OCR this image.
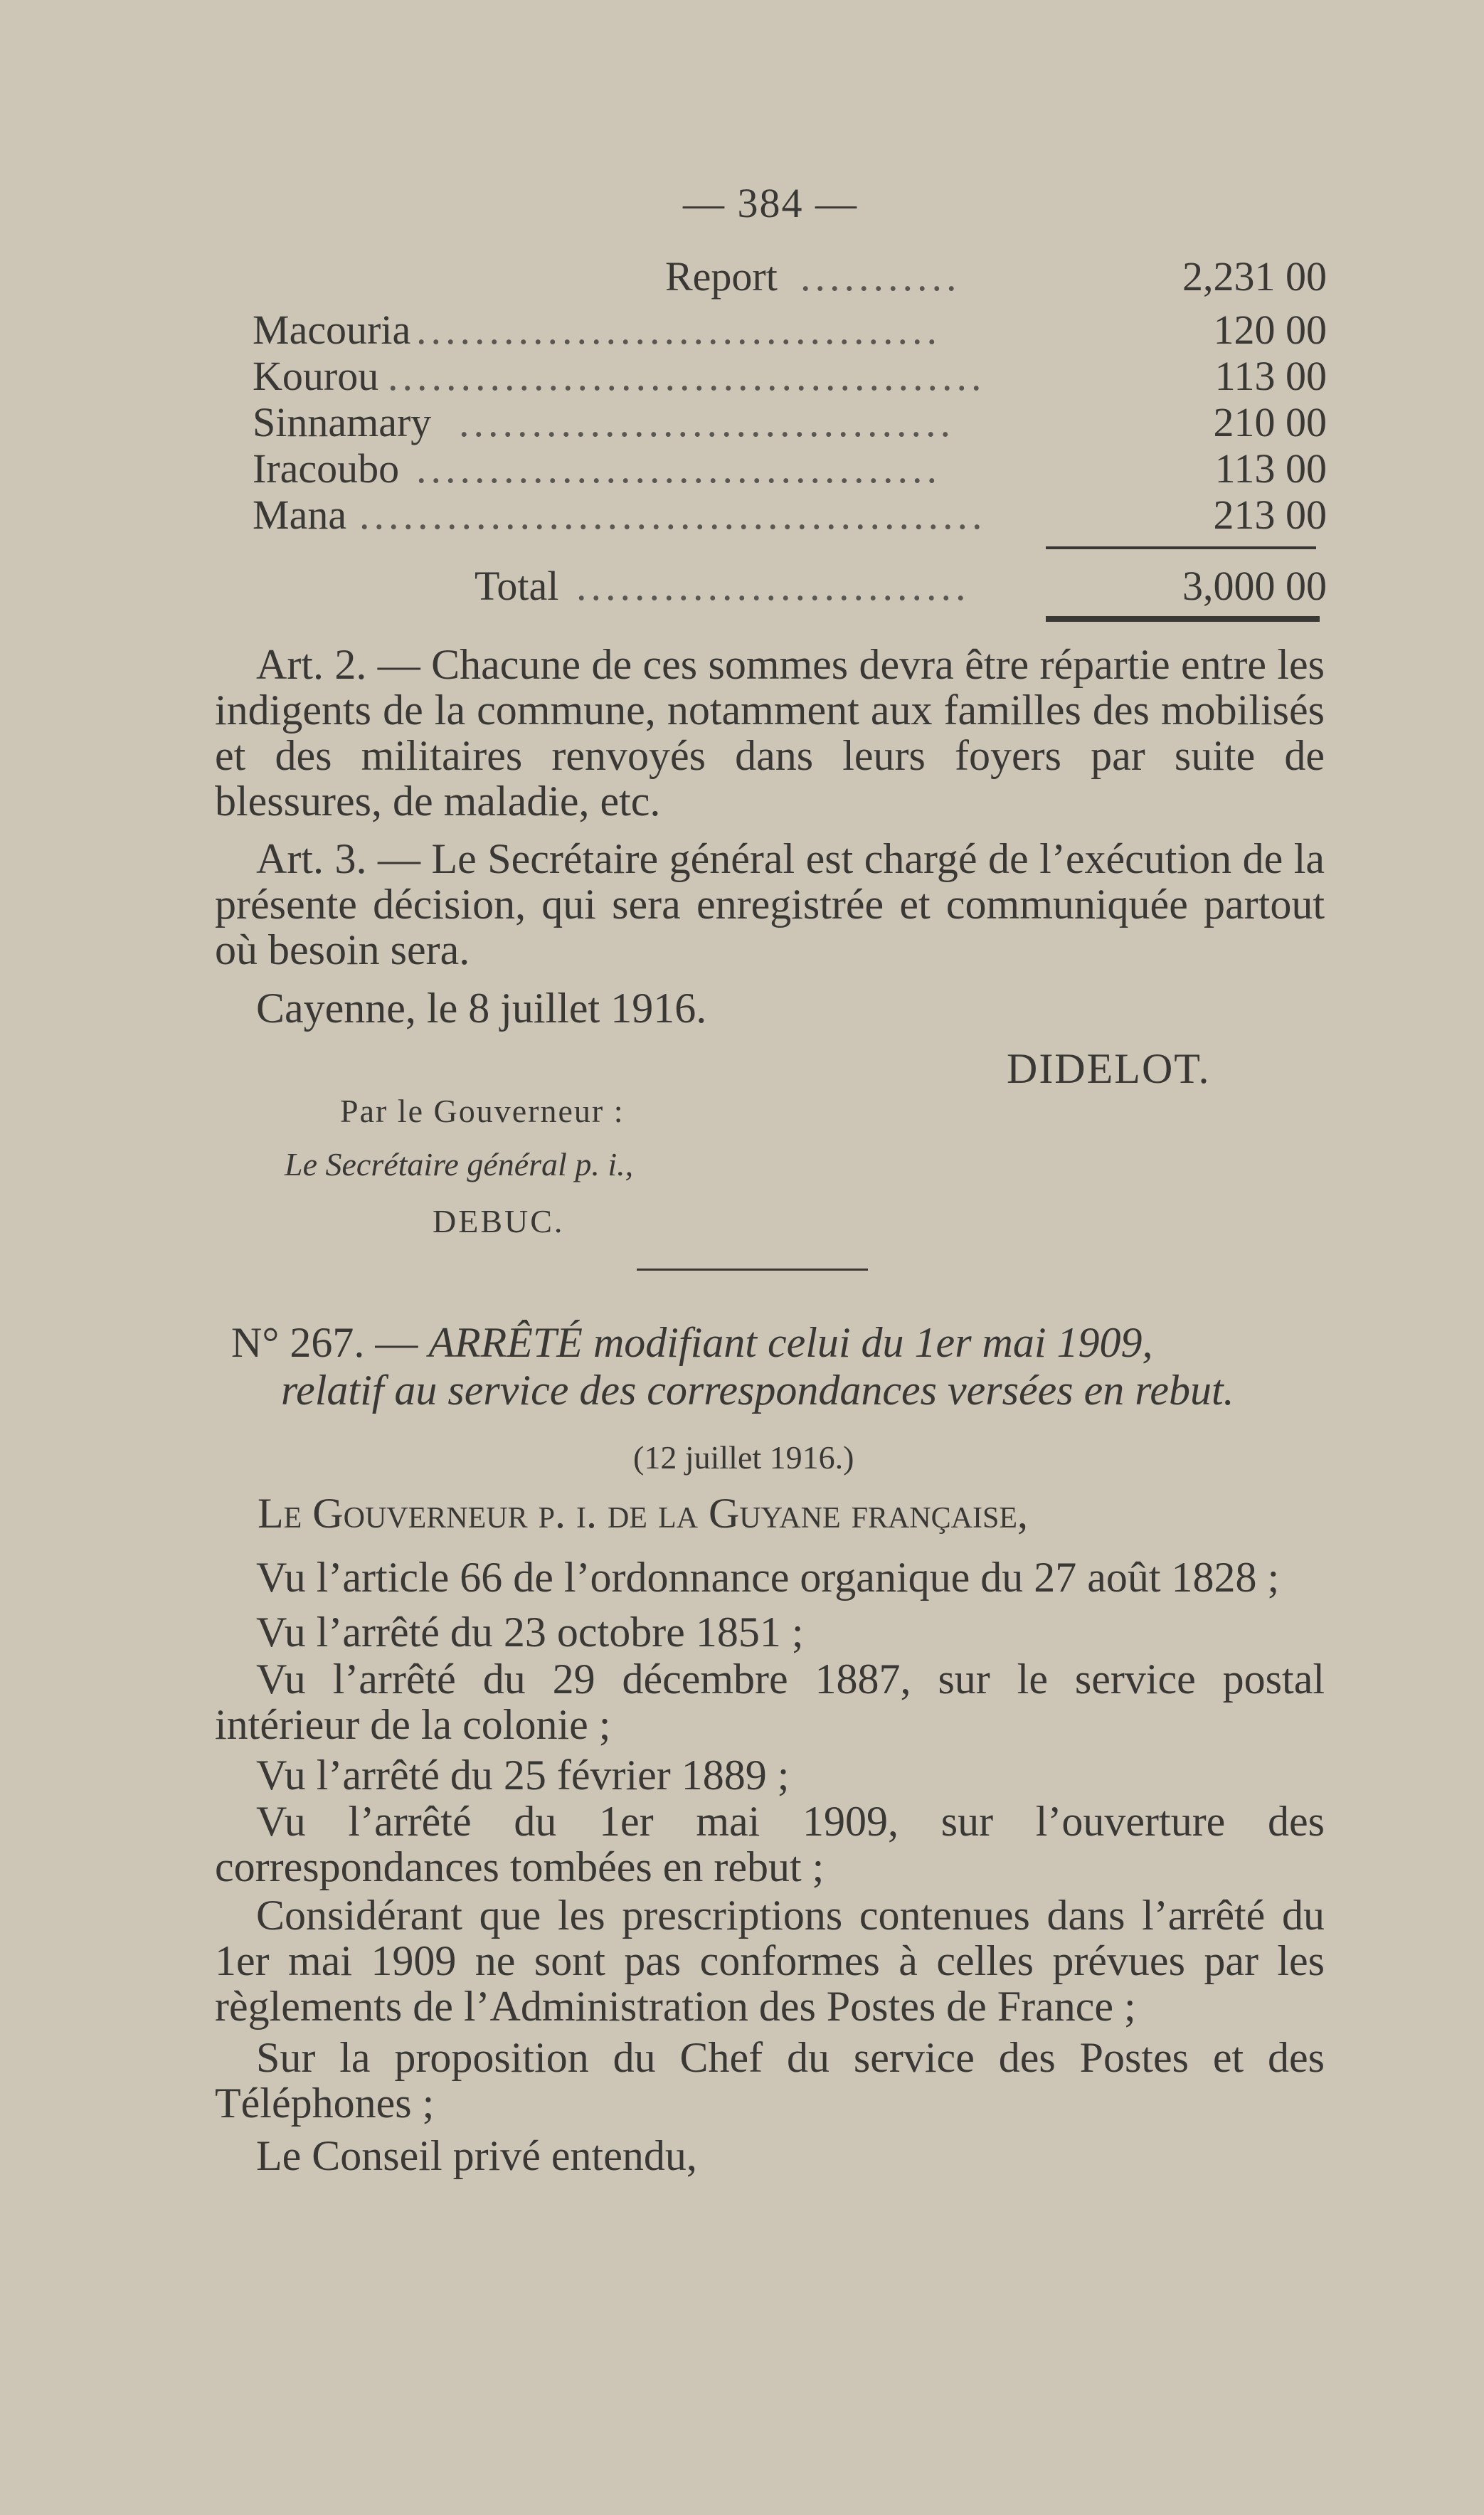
— 384 —
Report ...........	2,231 00
Macouria ....................................	120 00
Kourou .........................................	113 00
Sinnamary ..................................	210 00
Iracoubo ....................................	113 00
Mana ...........................................	213 00
Total ...........................	3,000 00
Art. 2. — Chacune de ces sommes devra être répartie entre les indigents de la commune, notamment aux familles des mobilisés et des militaires renvoyés dans leurs foyers par suite de blessures, de maladie, etc.
Art. 3. — Le Secrétaire général est chargé de l’exécution de la présente décision, qui sera enregistrée et communiquée partout où besoin sera.
Cayenne, le 8 juillet 1916.
DIDELOT.
Par le Gouverneur :
Le Secrétaire général p. i.,
DEBUC.
N° 267. — ARRÊTÉ modifiant celui du 1er mai 1909,
relatif au service des correspondances versées en rebut.
(12 juillet 1916.)
Le Gouverneur p. i. de la Guyane française,
Vu l’article 66 de l’ordonnance organique du 27 août 1828 ;
Vu l’arrêté du 23 octobre 1851 ;
Vu l’arrêté du 29 décembre 1887, sur le service postal intérieur de la colonie ;
Vu l’arrêté du 25 février 1889 ;
Vu l’arrêté du 1er mai 1909, sur l’ouverture des correspondances tombées en rebut ;
Considérant que les prescriptions contenues dans l’arrêté du 1er mai 1909 ne sont pas conformes à celles prévues par les règlements de l’Administration des Postes de France ;
Sur la proposition du Chef du service des Postes et des Téléphones ;
Le Conseil privé entendu,
